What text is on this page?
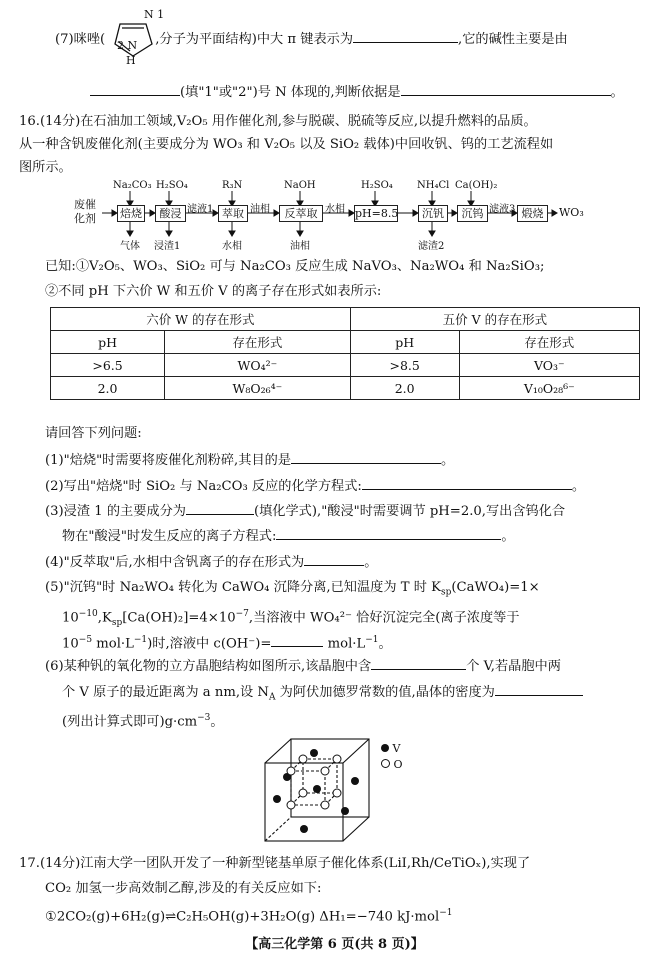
(7)咪唑(	,分子为平面结构)中大 π 键表示为	,它的碱性主要是由
N 1
2 N
H
(填"1"或"2")号 N 体现的,判断依据是	。
16.(14分)在石油加工领域,V₂O₅ 用作催化剂,参与脱碳、脱硫等反应,以提升燃料的品质。
从一种含钒废催化剂(主要成分为 WO₃ 和 V₂O₅ 以及 SiO₂ 载体)中回收钒、钨的工艺流程如
图所示。
废催
化剂 焙烧	酸浸	萃取	反萃取	pH=8.5	沉钒	沉钨	煅烧	WO₃
Na₂CO₃ H₂SO₄	R₃N	NaOH	H₂SO₄ NH₄Cl Ca(OH)₂
滤液1	油相	水相	滤液3
气体 浸渣1	水相	油相	滤渣2
已知:①V₂O₅、WO₃、SiO₂ 可与 Na₂CO₃ 反应生成 NaVO₃、Na₂WO₄ 和 Na₂SiO₃;
②不同 pH 下六价 W 和五价 V 的离子存在形式如表所示:
六价 W 的存在形式		五价 V 的存在形式	
pH	存在形式	pH	存在形式
>6.5	WO₄²⁻	>8.5	VO₃⁻
2.0	W₈O₂₆⁴⁻	2.0	V₁₀O₂₈⁶⁻
请回答下列问题:
(1)"焙烧"时需要将废催化剂粉碎,其目的是	。
(2)写出"焙烧"时 SiO₂ 与 Na₂CO₃ 反应的化学方程式:	。
(3)浸渣 1 的主要成分为	(填化学式),"酸浸"时需要调节 pH=2.0,写出含钨化合
物在"酸浸"时发生反应的离子方程式:	。
(4)"反萃取"后,水相中含钒离子的存在形式为	。
(5)"沉钨"时 Na₂WO₄ 转化为 CaWO₄ 沉降分离,已知温度为 T 时 $K_{sp}(CaWO_4)=1\times$
$10^{-10},K_{sp}[Ca(OH)_2]=4\times 10^{-7}$,当溶液中 WO₄²⁻ 恰好沉淀完全(离子浓度等于
$10^{-5}$ $mol\cdot L^{-1}$)时,溶液中 c(OH⁻)=	$mol\cdot L^{-1}$。
(6)某种钒的氧化物的立方晶胞结构如图所示,该晶胞中含	个 V,若晶胞中两
个 V 原子的最近距离为 a nm,设 $N_A$ 为阿伏加德罗常数的值,晶体的密度为
(列出计算式即可)$g\cdot cm^{-3}$。
V
O
17.(14分)江南大学一团队开发了一种新型铑基单原子催化体系(LiI,Rh/CeTiOₓ),实现了
CO₂ 加氢一步高效制乙醇,涉及的有关反应如下:
①2CO₂(g)+6H₂(g)⇌C₂H₅OH(g)+3H₂O(g) ΔH₁=−740 kJ·mol$^{-1}$
【高三化学第 6 页(共 8 页)】
